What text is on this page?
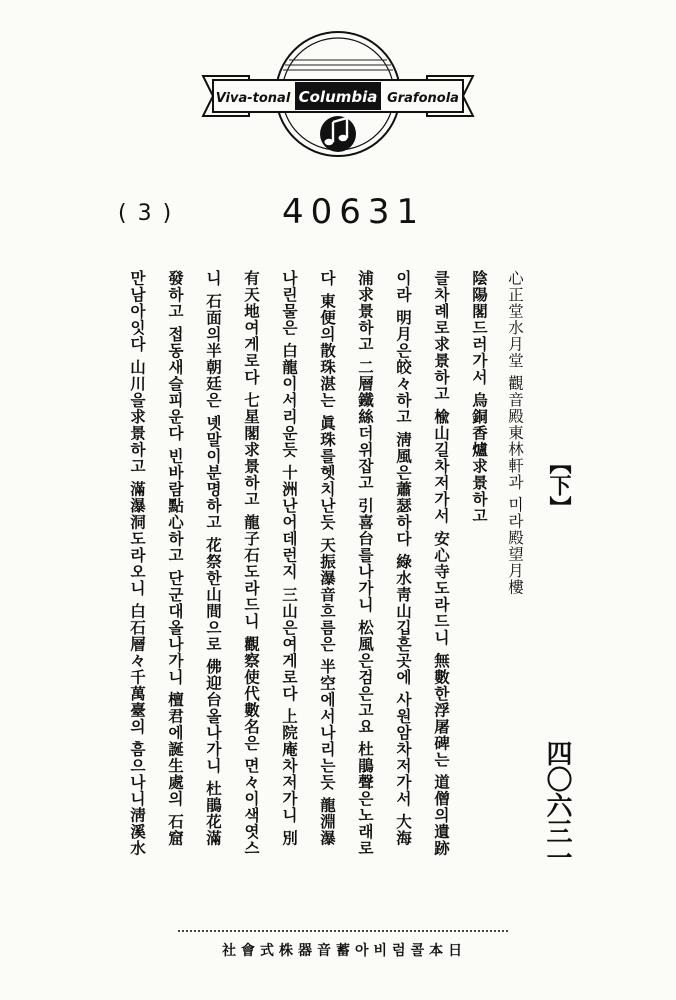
Viva-tonal Columbia Grafonola
( 3 )	40631
【下】
四〇六三一
心正堂水月堂 觀音殿東林軒과 미라殿望月樓
陰陽閣드러가서 烏銅香爐求景하고
클차례로求景하고 楡山길차저가서 安心寺도라드니 無數한浮屠碑는 道僧의遺跡
이라 明月은皎々하고 淸風은蕭瑟하다 綠水靑山깁흔곳에 사원암차저가서 大海
浦求景하고 二層鐵絲더위잡고 引喜台를나가니 松風은검은고요 杜鵑聲은노래로
다 東便의散珠湛는 眞珠를헷치난듯 天振瀑音흐름은 半空에서나리는듯 龍淵瀑
나린물은 白龍이서리운듯 十洲난어데런지 三山은여게로다 上院庵차저가니 別
有天地여게로다 七星閣求景하고 龍子石도라드니 觀察使代數名은 면々이색엿스
니 石面의半朝廷은 녯말이분명하고 花祭한山間으로 佛迎台올나가니 杜鵑花滿
發하고 접동새슬피운다 빈바람點心하고 단군대올나가니 檀君에誕生處의 石窟
만남아잇다 山川을求景하고 滿瀑洞도라오니 白石層々千萬臺의 흠으나니淸溪水
社會式株器音蓄아비럼콜本日
